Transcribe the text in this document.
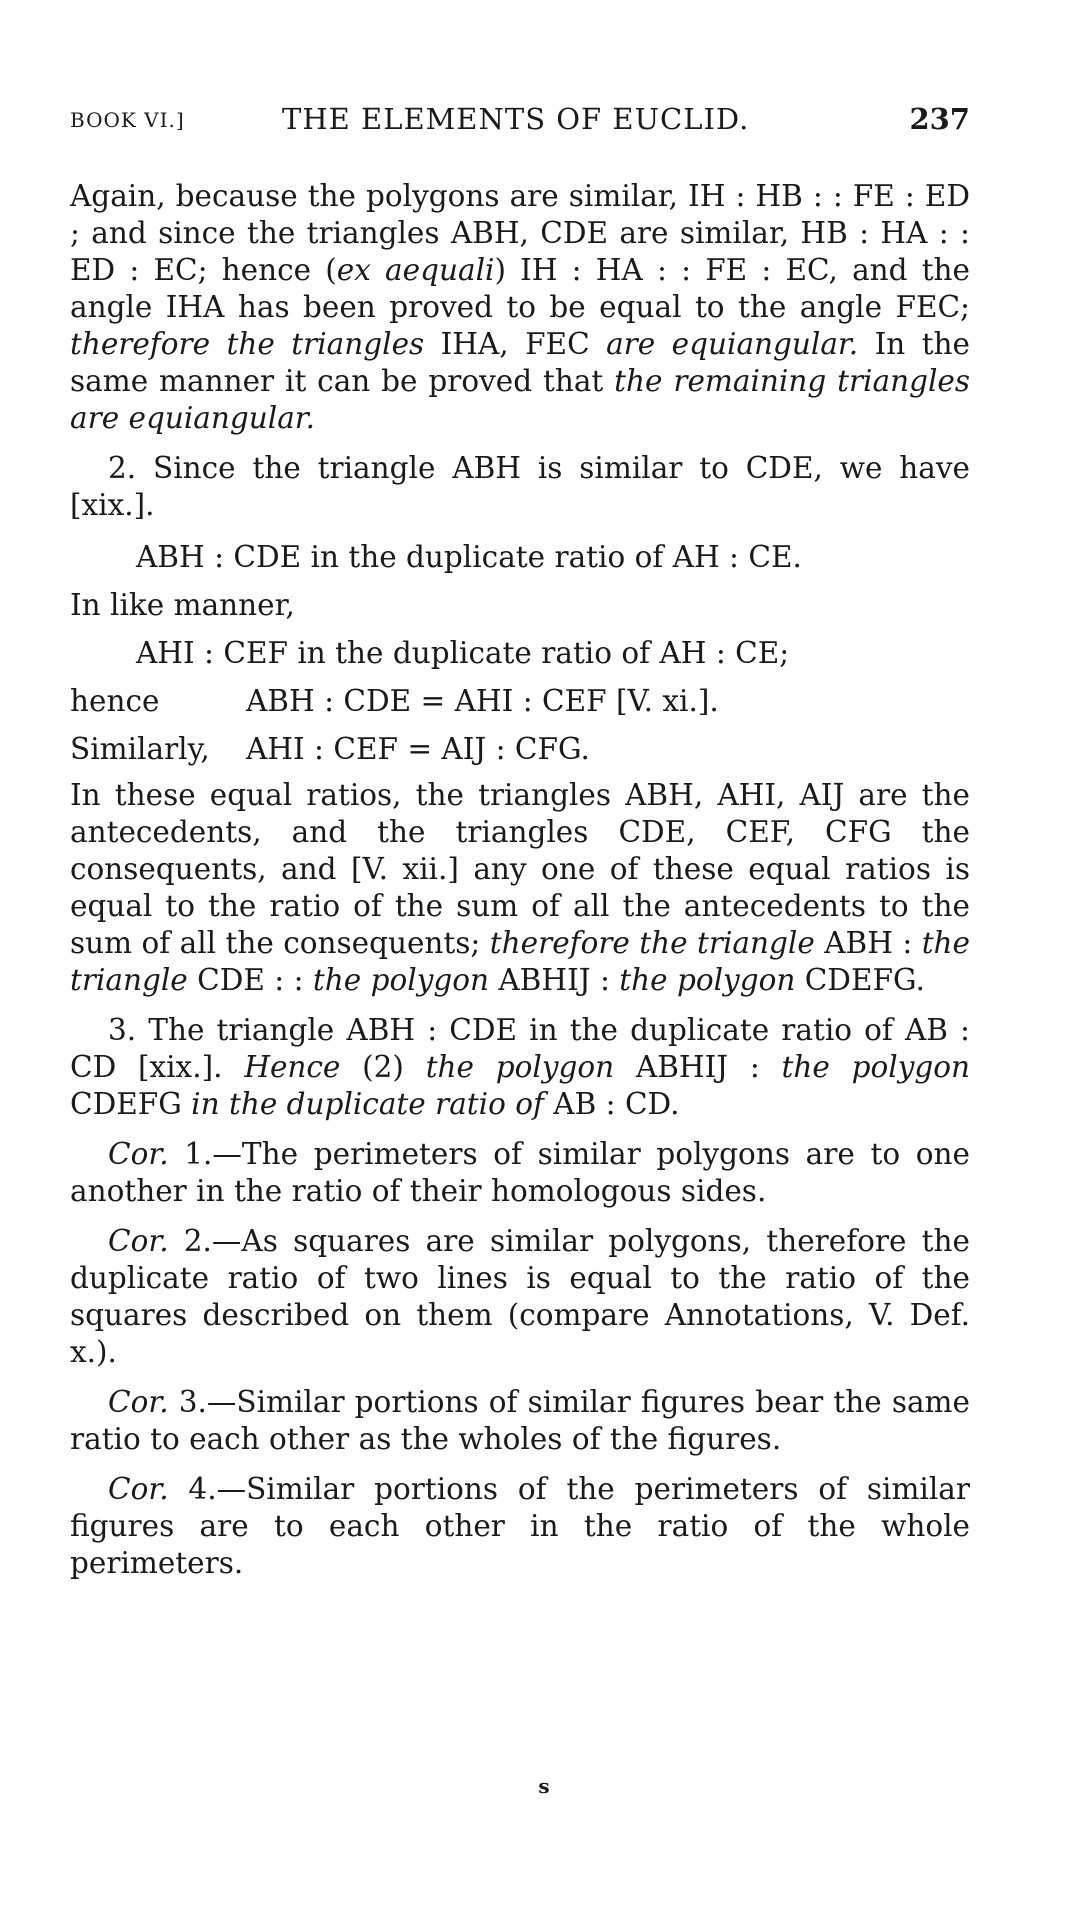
BOOK VI.]	THE ELEMENTS OF EUCLID.	237

Again, because the polygons are similar, IH : HB : : FE : ED ; and since the triangles ABH, CDE are similar, HB : HA : : ED : EC; hence (ex aequali) IH : HA : : FE : EC, and the angle IHA has been proved to be equal to the angle FEC; therefore the triangles IHA, FEC are equiangular. In the same manner it can be proved that the remaining triangles are equiangular.

2. Since the triangle ABH is similar to CDE, we have [xix.].

ABH : CDE in the duplicate ratio of AH : CE.
In like manner,
AHI : CEF in the duplicate ratio of AH : CE;
hence	ABH : CDE = AHI : CEF [V. xi.].
Similarly,	AHI : CEF = AIJ : CFG.

In these equal ratios, the triangles ABH, AHI, AIJ are the antecedents, and the triangles CDE, CEF, CFG the consequents, and [V. xii.] any one of these equal ratios is equal to the ratio of the sum of all the antecedents to the sum of all the consequents; therefore the triangle ABH : the triangle CDE : : the polygon ABHIJ : the polygon CDEFG.

3. The triangle ABH : CDE in the duplicate ratio of AB : CD [xix.]. Hence (2) the polygon ABHIJ : the polygon CDEFG in the duplicate ratio of AB : CD.

Cor. 1.—The perimeters of similar polygons are to one another in the ratio of their homologous sides.

Cor. 2.—As squares are similar polygons, therefore the duplicate ratio of two lines is equal to the ratio of the squares described on them (compare Annotations, V. Def. x.).

Cor. 3.—Similar portions of similar figures bear the same ratio to each other as the wholes of the figures.

Cor. 4.—Similar portions of the perimeters of similar figures are to each other in the ratio of the whole perimeters.

s
